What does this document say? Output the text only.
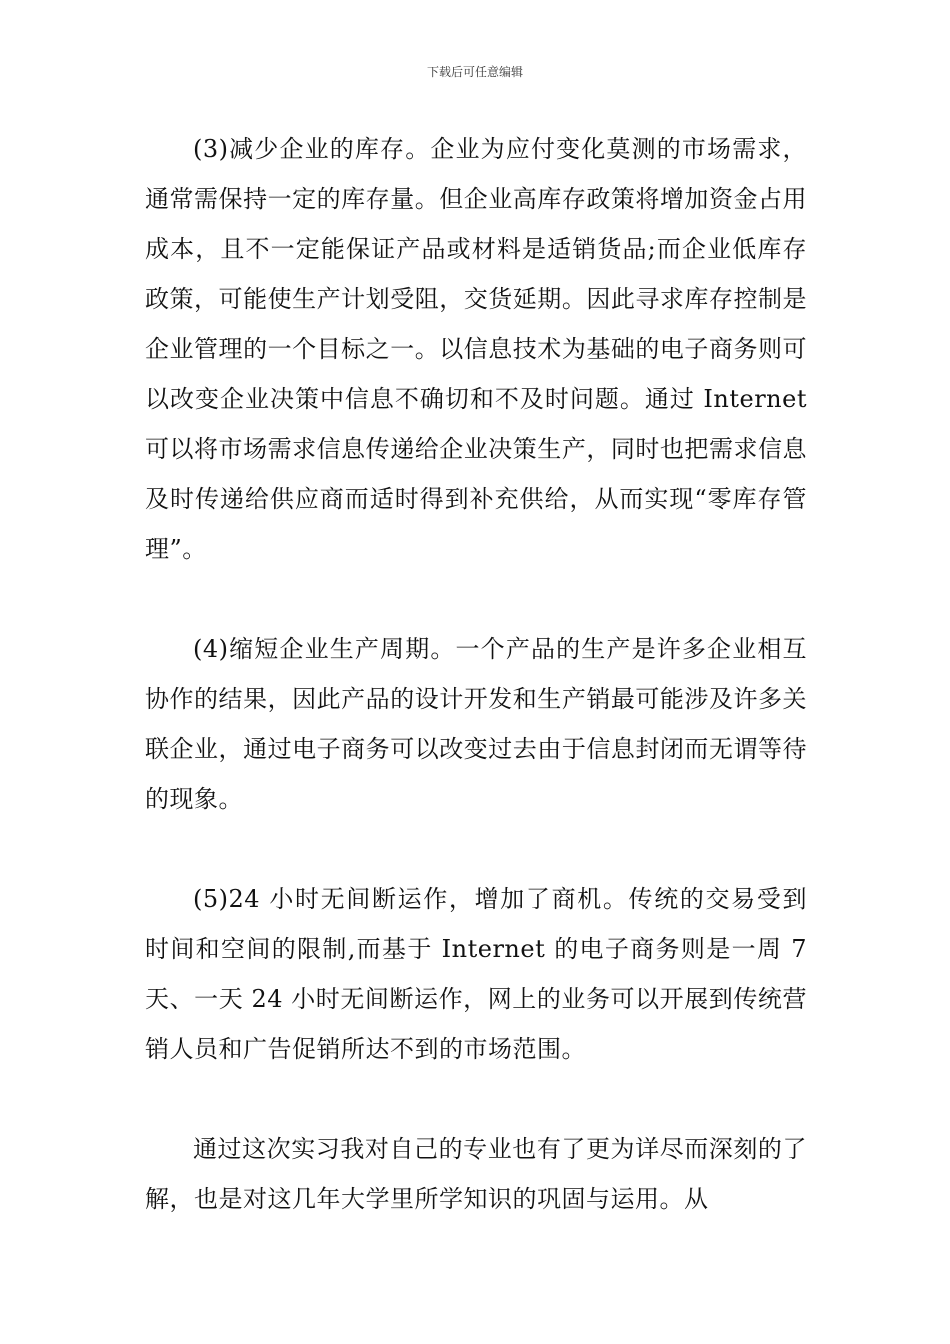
下载后可任意编辑

(3)减少企业的库存。企业为应付变化莫测的市场需求，通常需保持一定的库存量。但企业高库存政策将增加资金占用成本，且不一定能保证产品或材料是适销货品;而企业低库存政策，可能使生产计划受阻，交货延期。因此寻求库存控制是企业管理的一个目标之一。以信息技术为基础的电子商务则可以改变企业决策中信息不确切和不及时问题。通过 Internet 可以将市场需求信息传递给企业决策生产，同时也把需求信息及时传递给供应商而适时得到补充供给，从而实现“零库存管理”。

(4)缩短企业生产周期。一个产品的生产是许多企业相互协作的结果，因此产品的设计开发和生产销最可能涉及许多关联企业，通过电子商务可以改变过去由于信息封闭而无谓等待的现象。

(5)24 小时无间断运作，增加了商机。传统的交易受到时间和空间的限制,而基于 Internet 的电子商务则是一周 7 天、一天 24 小时无间断运作，网上的业务可以开展到传统营销人员和广告促销所达不到的市场范围。

通过这次实习我对自己的专业也有了更为详尽而深刻的了解，也是对这几年大学里所学知识的巩固与运用。从
